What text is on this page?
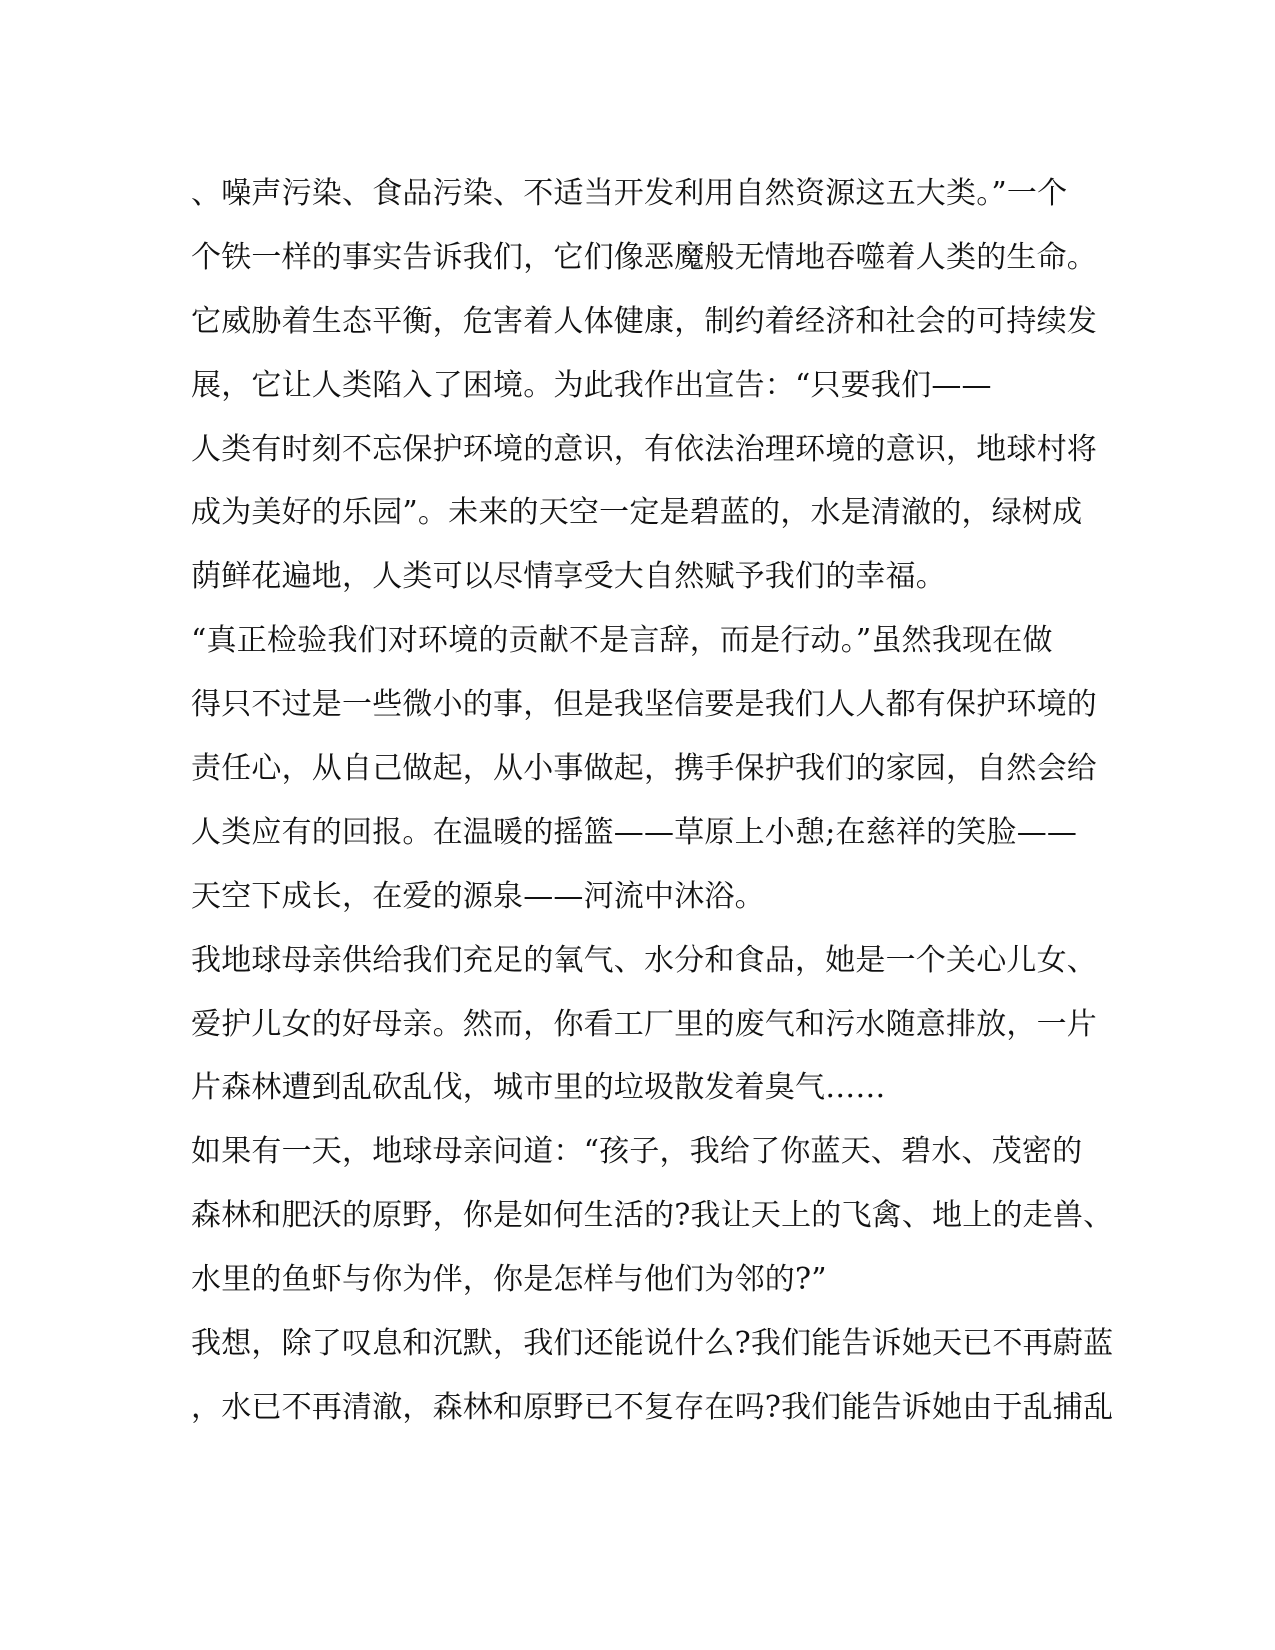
、噪声污染、食品污染、不适当开发利用自然资源这五大类。”一个
个铁一样的事实告诉我们，它们像恶魔般无情地吞噬着人类的生命。
它威胁着生态平衡，危害着人体健康，制约着经济和社会的可持续发
展，它让人类陷入了困境。为此我作出宣告：“只要我们——
人类有时刻不忘保护环境的意识，有依法治理环境的意识，地球村将
成为美好的乐园”。未来的天空一定是碧蓝的，水是清澈的，绿树成
荫鲜花遍地，人类可以尽情享受大自然赋予我们的幸福。
“真正检验我们对环境的贡献不是言辞，而是行动。”虽然我现在做
得只不过是一些微小的事，但是我坚信要是我们人人都有保护环境的
责任心，从自己做起，从小事做起，携手保护我们的家园，自然会给
人类应有的回报。在温暖的摇篮——草原上小憩;在慈祥的笑脸——
天空下成长，在爱的源泉——河流中沐浴。
我地球母亲供给我们充足的氧气、水分和食品，她是一个关心儿女、
爱护儿女的好母亲。然而，你看工厂里的废气和污水随意排放，一片
片森林遭到乱砍乱伐，城市里的垃圾散发着臭气……
如果有一天，地球母亲问道：“孩子，我给了你蓝天、碧水、茂密的
森林和肥沃的原野，你是如何生活的?我让天上的飞禽、地上的走兽、
水里的鱼虾与你为伴，你是怎样与他们为邻的?”
我想，除了叹息和沉默，我们还能说什么?我们能告诉她天已不再蔚蓝
，水已不再清澈，森林和原野已不复存在吗?我们能告诉她由于乱捕乱
